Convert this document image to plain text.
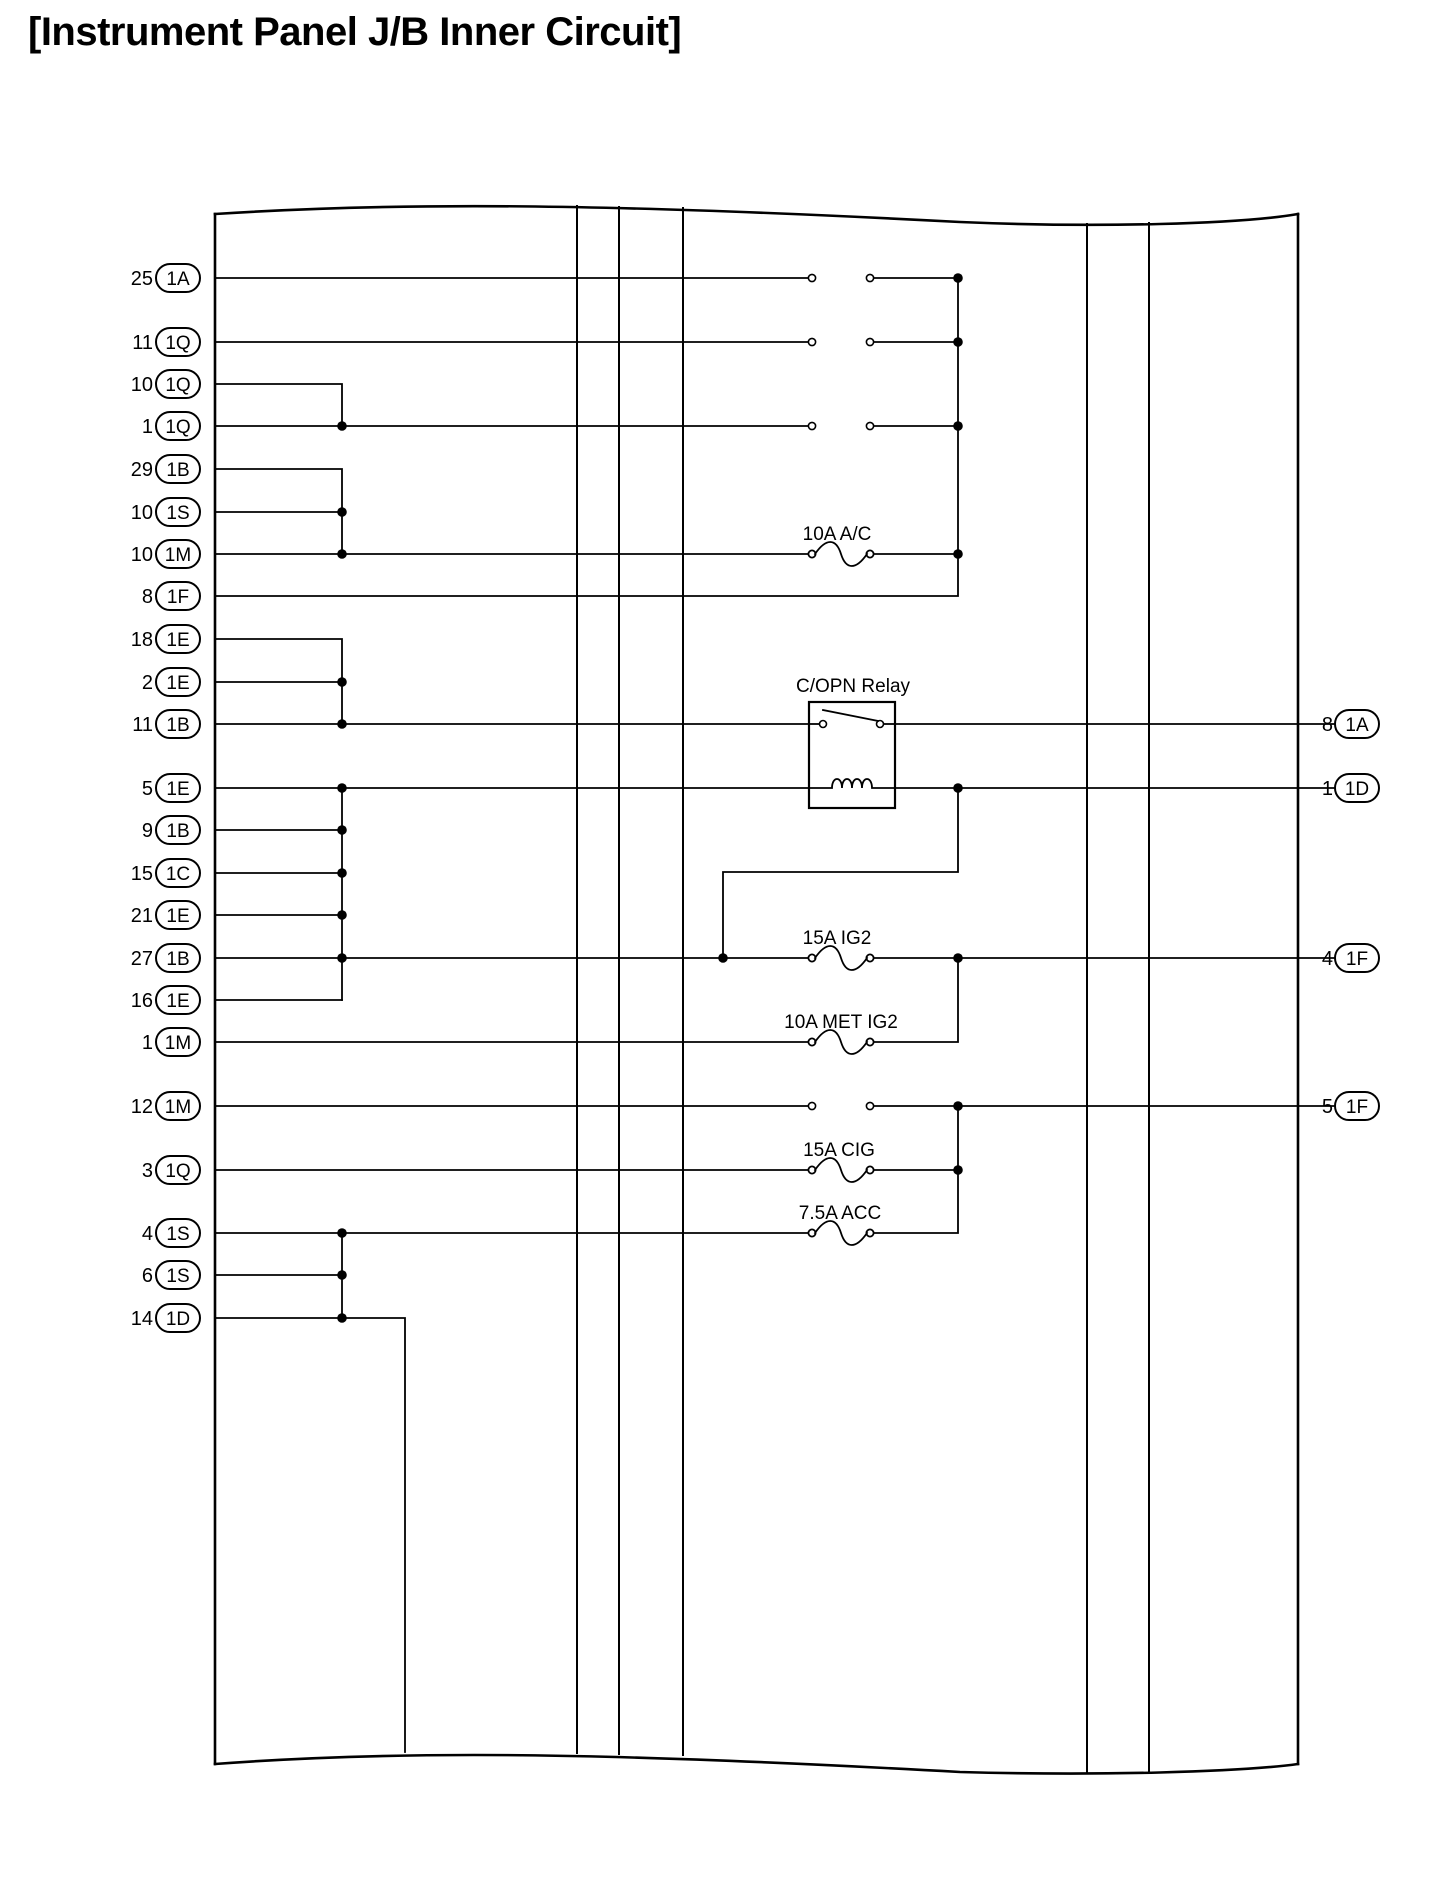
[Instrument Panel J/B Inner Circuit]
25 1A
11 1Q
10 1Q
1 1Q
29 1B
10 1S
10 1M
8 1F
18 1E
2 1E
11 1B
5 1E
9 1B
15 1C
21 1E
27 1B
16 1E
1 1M
12 1M
3 1Q
4 1S
6 1S
14 1D
8 1A
1 1D
4 1F
5 1F
10A A/C
C/OPN Relay
15A IG2
10A MET IG2
15A CIG
7.5A ACC
